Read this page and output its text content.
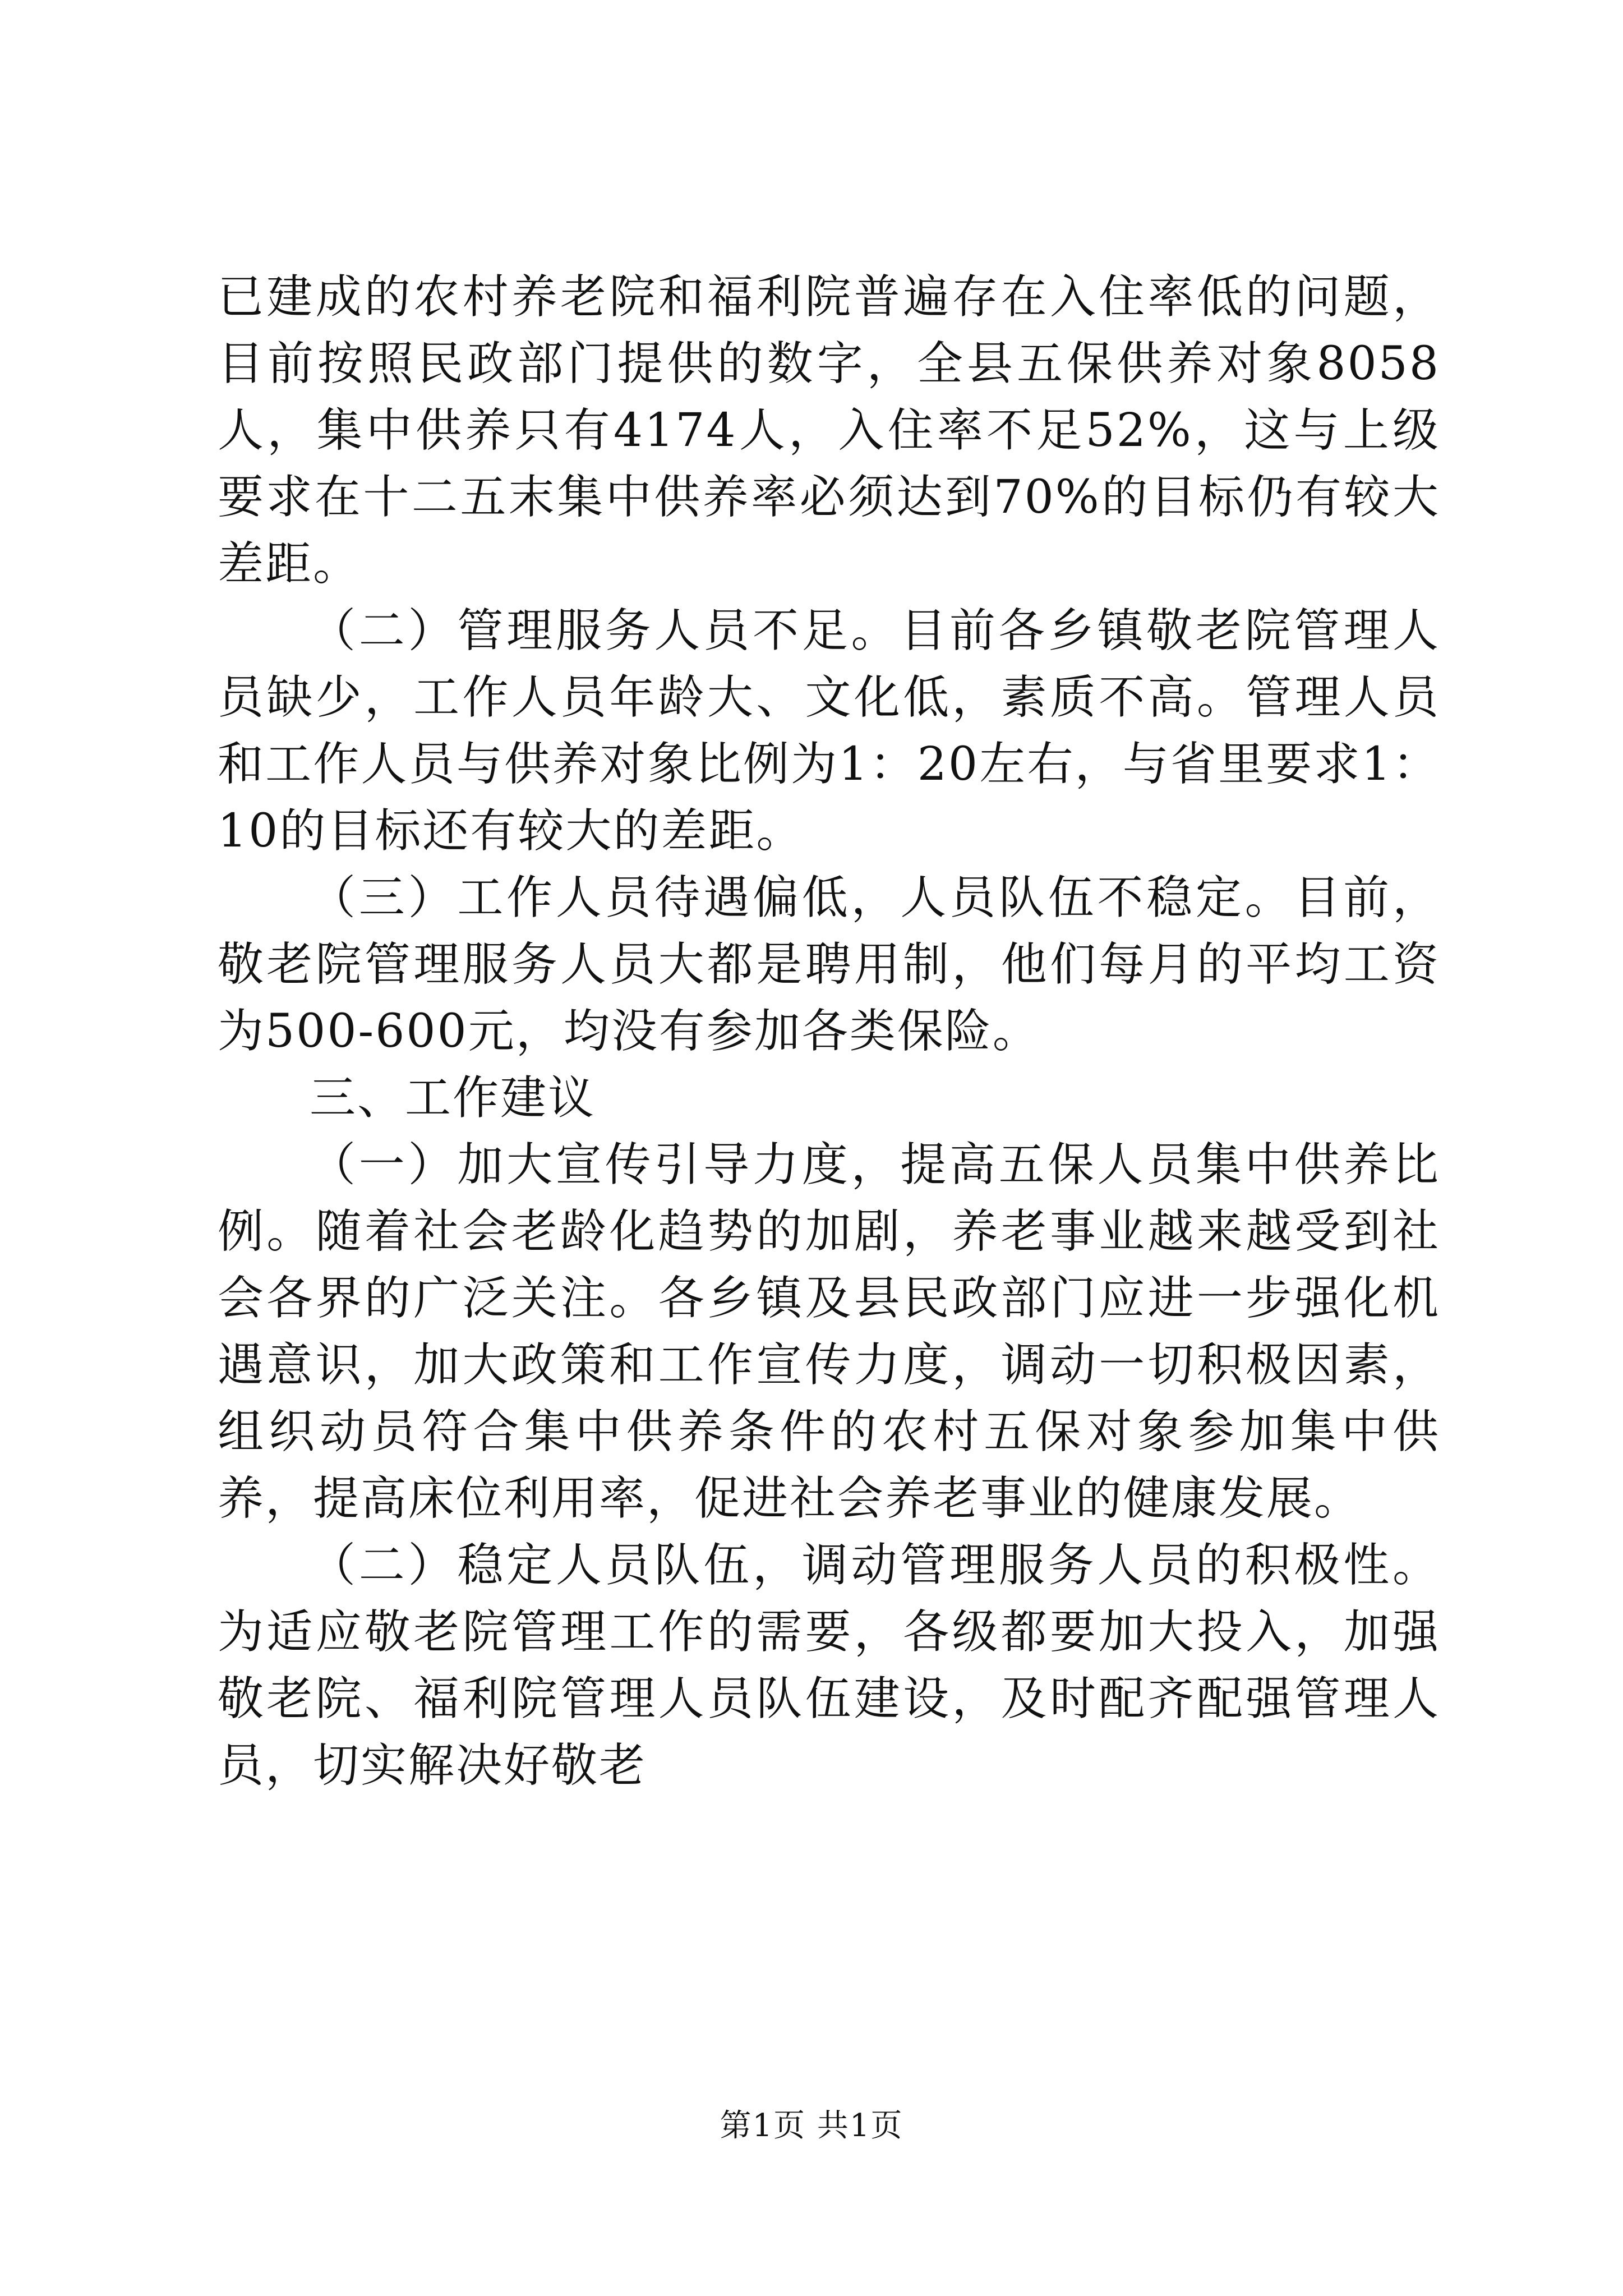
已建成的农村养老院和福利院普遍存在入住率低的问题，目前按照民政部门提供的数字，全县五保供养对象8058人，集中供养只有4174人，入住率不足52%，这与上级要求在十二五末集中供养率必须达到70%的目标仍有较大差距。

（二）管理服务人员不足。目前各乡镇敬老院管理人员缺少，工作人员年龄大、文化低，素质不高。管理人员和工作人员与供养对象比例为1：20左右，与省里要求1：10的目标还有较大的差距。

（三）工作人员待遇偏低，人员队伍不稳定。目前，敬老院管理服务人员大都是聘用制，他们每月的平均工资为500-600元，均没有参加各类保险。

三、工作建议

（一）加大宣传引导力度，提高五保人员集中供养比例。随着社会老龄化趋势的加剧，养老事业越来越受到社会各界的广泛关注。各乡镇及县民政部门应进一步强化机遇意识，加大政策和工作宣传力度，调动一切积极因素，组织动员符合集中供养条件的农村五保对象参加集中供养，提高床位利用率，促进社会养老事业的健康发展。

（二）稳定人员队伍，调动管理服务人员的积极性。为适应敬老院管理工作的需要，各级都要加大投入，加强敬老院、福利院管理人员队伍建设，及时配齐配强管理人员，切实解决好敬老

第1页 共1页
